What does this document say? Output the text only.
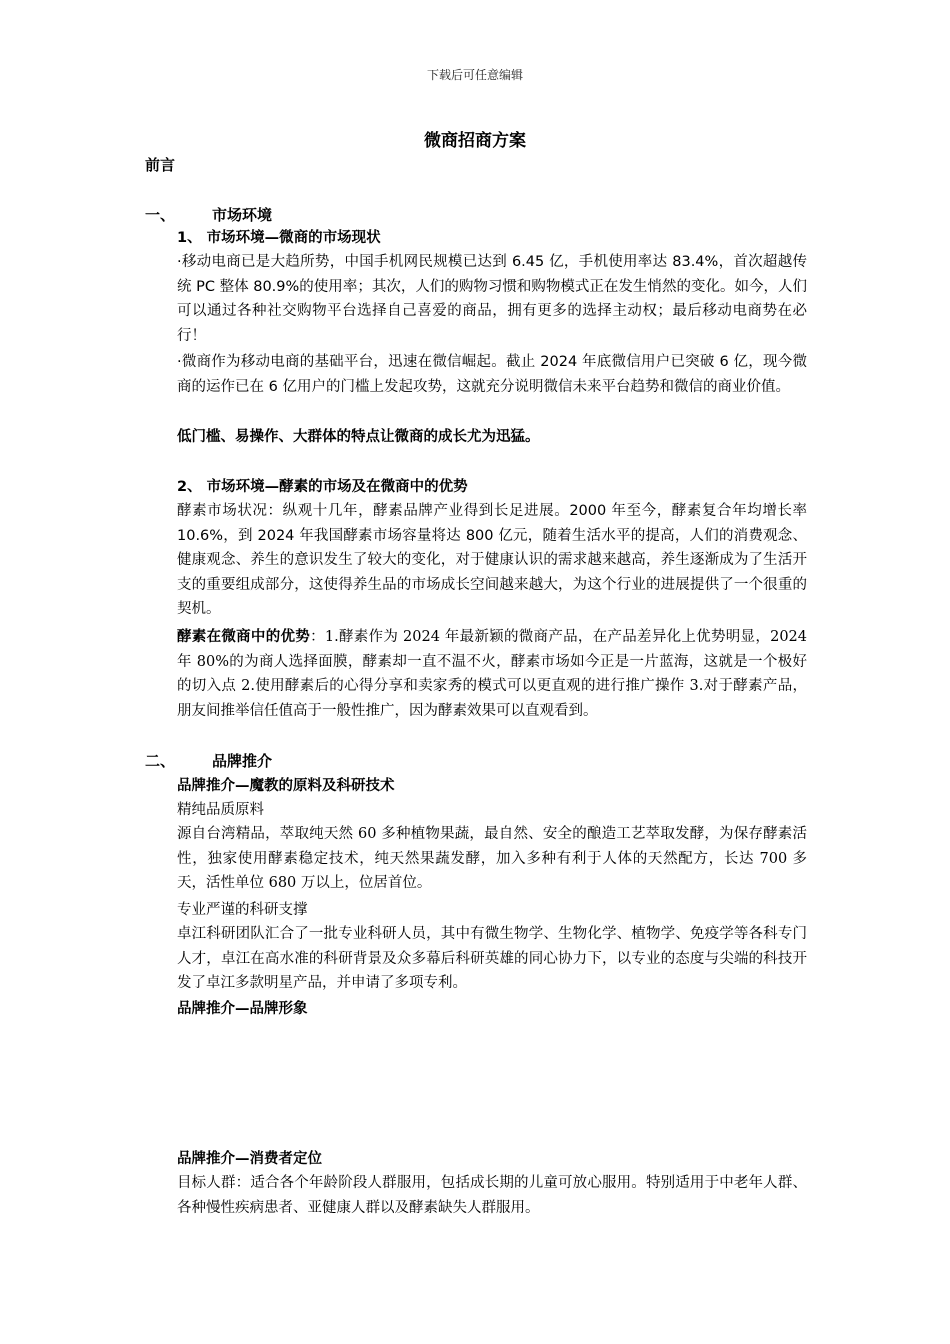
下载后可任意编辑
微商招商方案
前言
一、 市场环境
1、 市场环境—微商的市场现状
·移动电商已是大趋所势，中国手机网民规模已达到 6.45 亿，手机使用率达 83.4%，首次超越传统 PC 整体 80.9%的使用率；其次，人们的购物习惯和购物模式正在发生悄然的变化。如今，人们可以通过各种社交购物平台选择自己喜爱的商品，拥有更多的选择主动权；最后移动电商势在必行！
·微商作为移动电商的基础平台，迅速在微信崛起。截止 2024 年底微信用户已突破 6 亿，现今微商的运作已在 6 亿用户的门槛上发起攻势，这就充分说明微信未来平台趋势和微信的商业价值。
低门槛、易操作、大群体的特点让微商的成长尤为迅猛。
2、 市场环境—酵素的市场及在微商中的优势
酵素市场状况：纵观十几年，酵素品牌产业得到长足进展。2000 年至今，酵素复合年均增长率 10.6%，到 2024 年我国酵素市场容量将达 800 亿元，随着生活水平的提高，人们的消费观念、健康观念、养生的意识发生了较大的变化，对于健康认识的需求越来越高，养生逐渐成为了生活开支的重要组成部分，这使得养生品的市场成长空间越来越大，为这个行业的进展提供了一个很重的契机。
酵素在微商中的优势：1.酵素作为 2024 年最新颖的微商产品，在产品差异化上优势明显，2024 年 80%的为商人选择面膜，酵素却一直不温不火，酵素市场如今正是一片蓝海，这就是一个极好的切入点 2.使用酵素后的心得分享和卖家秀的模式可以更直观的进行推广操作 3.对于酵素产品，朋友间推举信任值高于一般性推广，因为酵素效果可以直观看到。
二、 品牌推介
品牌推介—魔教的原料及科研技术
精纯品质原料
源自台湾精品，萃取纯天然 60 多种植物果蔬，最自然、安全的酿造工艺萃取发酵，为保存酵素活性，独家使用酵素稳定技术，纯天然果蔬发酵，加入多种有利于人体的天然配方，长达 700 多天，活性单位 680 万以上，位居首位。
专业严谨的科研支撑
卓江科研团队汇合了一批专业科研人员，其中有微生物学、生物化学、植物学、免疫学等各科专门人才，卓江在高水准的科研背景及众多幕后科研英雄的同心协力下，以专业的态度与尖端的科技开发了卓江多款明星产品，并申请了多项专利。
品牌推介—品牌形象
品牌推介—消费者定位
目标人群：适合各个年龄阶段人群服用，包括成长期的儿童可放心服用。特别适用于中老年人群、各种慢性疾病患者、亚健康人群以及酵素缺失人群服用。
